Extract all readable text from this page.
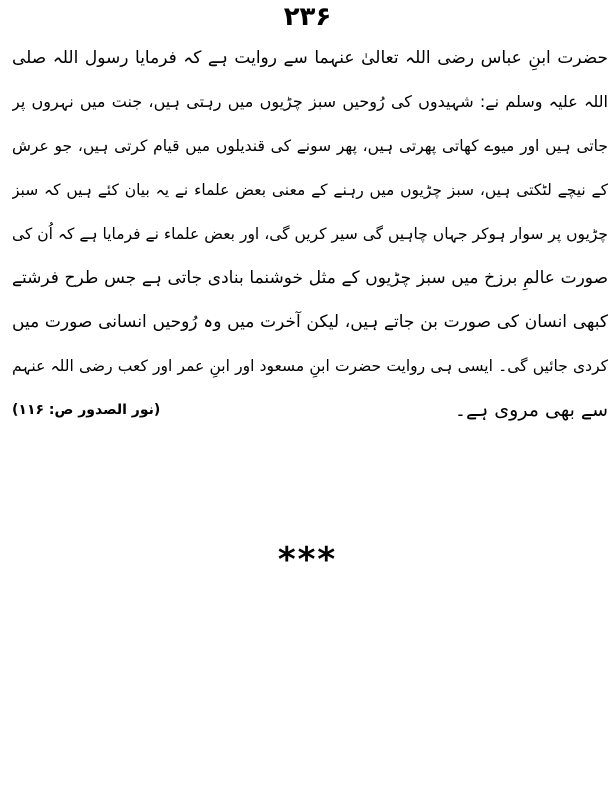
۲۳۶
حضرت ابنِ عباس رضی اللہ تعالیٰ عنہما سے روایت ہے کہ فرمایا رسول اللہ صلی
اللہ علیہ وسلم نے: شہیدوں کی رُوحیں سبز چڑیوں میں رہتی ہیں، جنت میں نہروں پر
جاتی ہیں اور میوے کھاتی پھرتی ہیں، پھر سونے کی قندیلوں میں قیام کرتی ہیں، جو عرش
کے نیچے لٹکتی ہیں، سبز چڑیوں میں رہنے کے معنی بعض علماء نے یہ بیان کئے ہیں کہ سبز
چڑیوں پر سوار ہوکر جہاں چاہیں گی سیر کریں گی، اور بعض علماء نے فرمایا ہے کہ اُن کی
صورت عالمِ برزخ میں سبز چڑیوں کے مثل خوشنما بنادی جاتی ہے جس طرح فرشتے
کبھی انسان کی صورت بن جاتے ہیں، لیکن آخرت میں وہ رُوحیں انسانی صورت میں
کردی جائیں گی۔ ایسی ہی روایت حضرت ابنِ مسعود اور ابنِ عمر اور کعب رضی اللہ عنہم
سے بھی مروی ہے۔
(نور الصدور ص: ۱۱۶)
***
